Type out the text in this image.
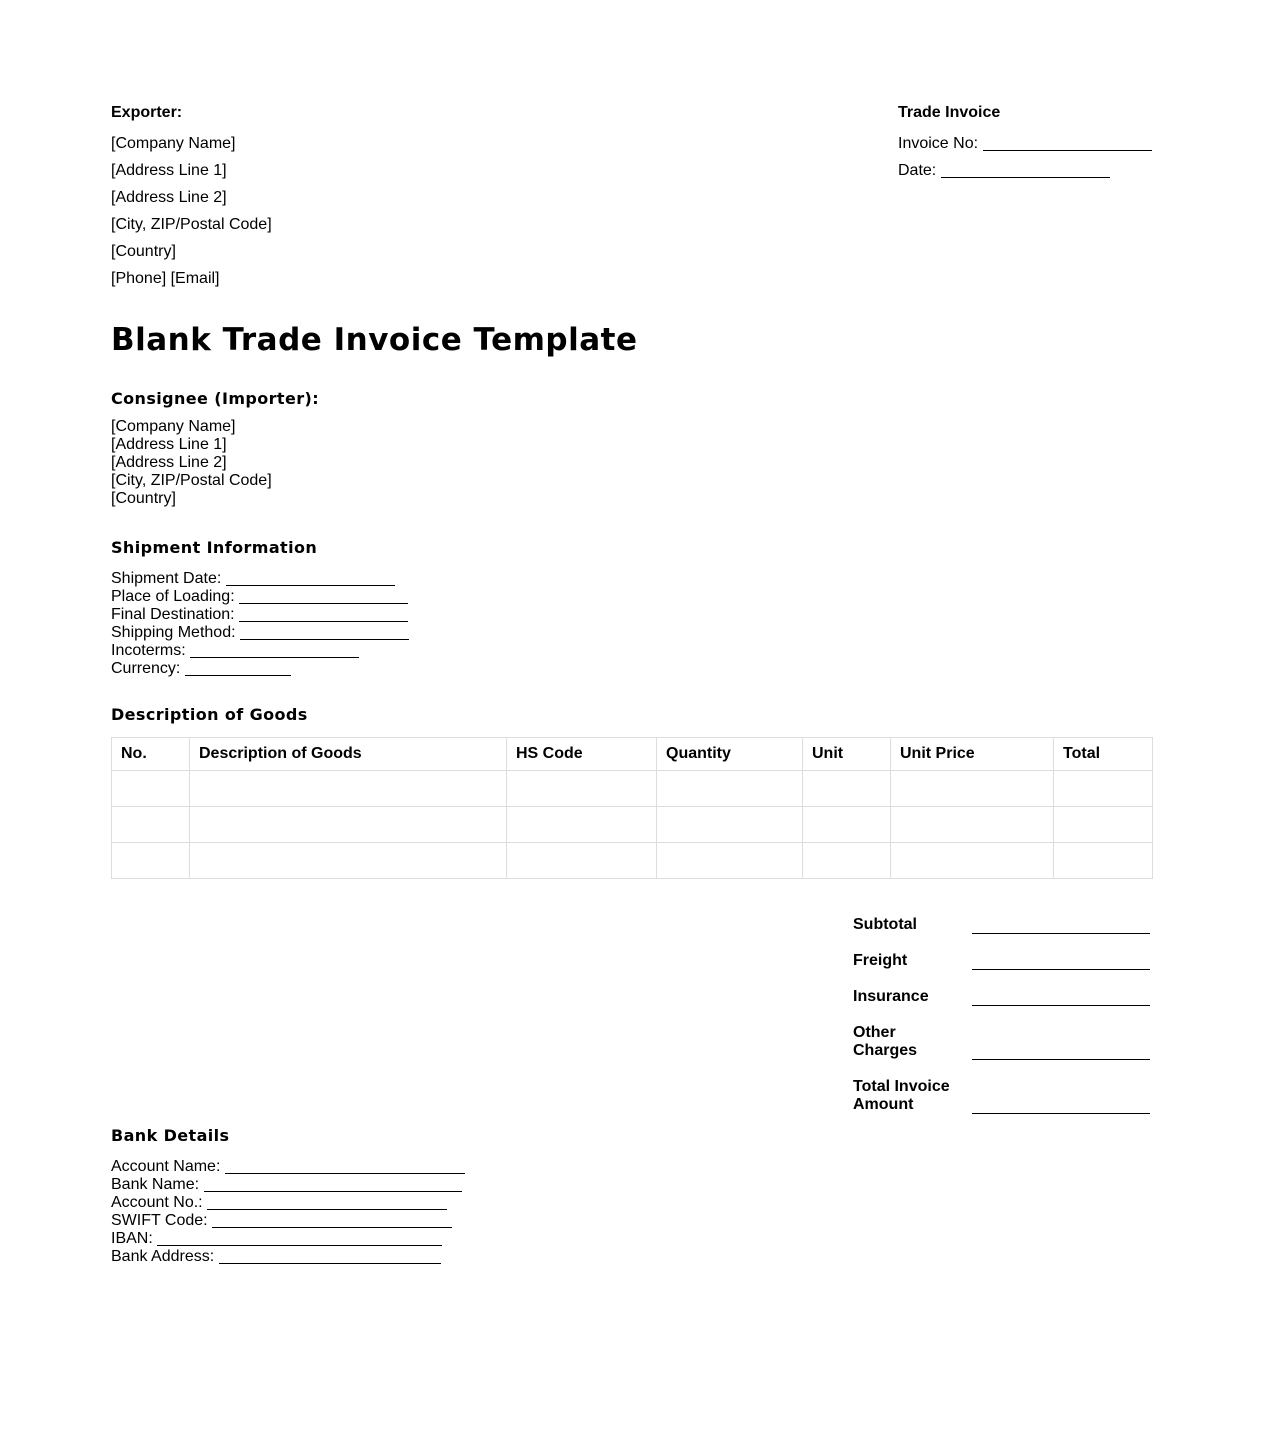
Exporter:
[Company Name]
[Address Line 1]
[Address Line 2]
[City, ZIP/Postal Code]
[Country]
[Phone] [Email]
Trade Invoice
Invoice No:
Date:
Blank Trade Invoice Template
Consignee (Importer):
[Company Name]
[Address Line 1]
[Address Line 2]
[City, ZIP/Postal Code]
[Country]
Shipment Information
Shipment Date:
Place of Loading:
Final Destination:
Shipping Method:
Incoterms:
Currency:
Description of Goods
No.	Description of Goods	HS Code	Quantity	Unit	Unit Price	Total

Subtotal
Freight
Insurance
Other Charges
Total Invoice Amount
Bank Details
Account Name:
Bank Name:
Account No.:
SWIFT Code:
IBAN:
Bank Address:
